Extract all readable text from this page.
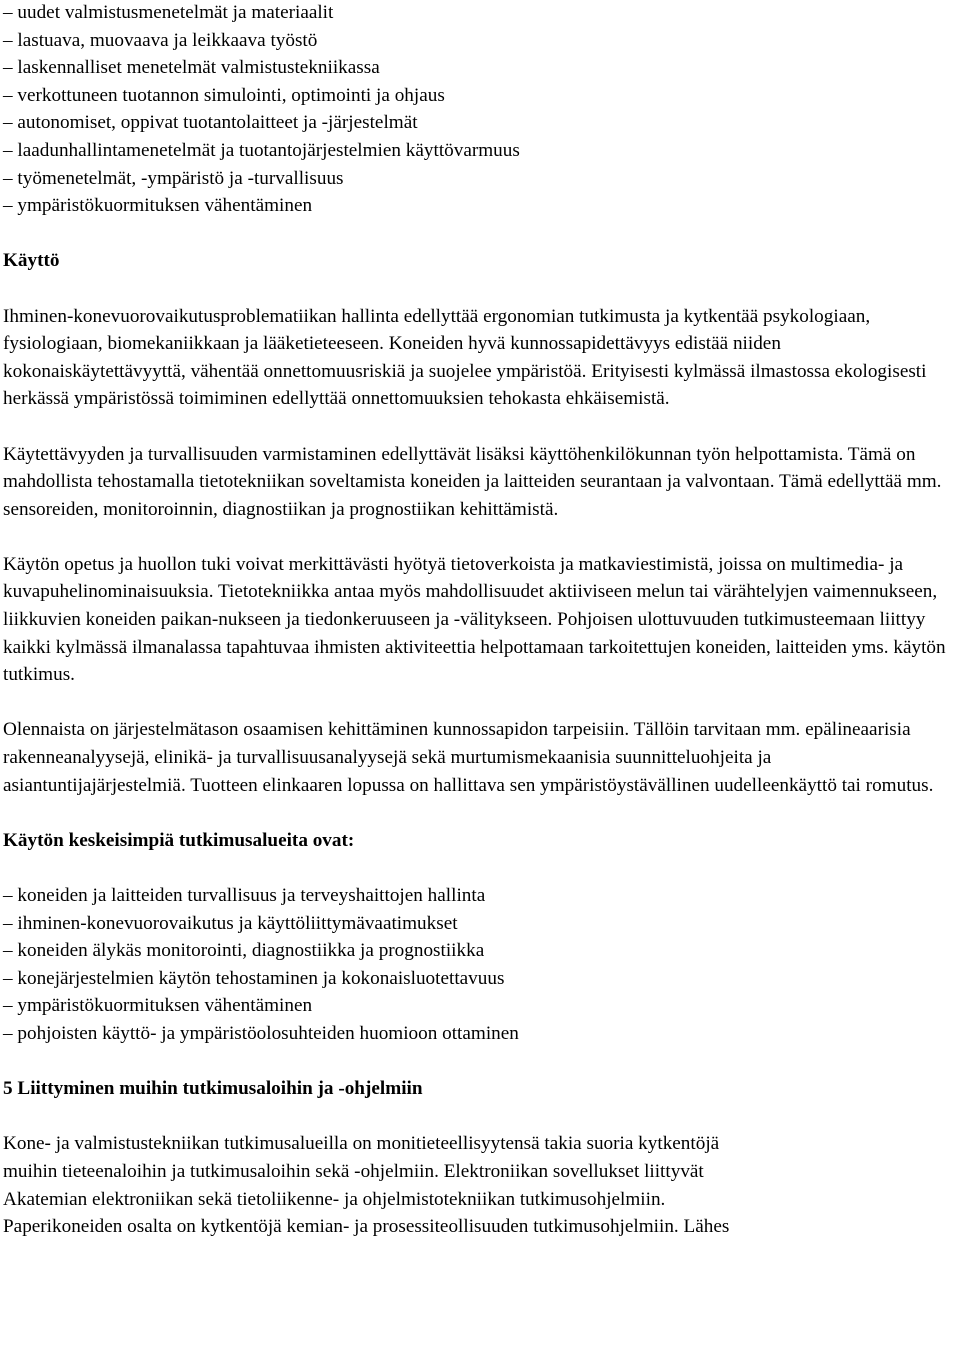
– uudet valmistusmenetelmät ja materiaalit
– lastuava, muovaava ja leikkaava työstö
– laskennalliset menetelmät valmistustekniikassa
– verkottuneen tuotannon simulointi, optimointi ja ohjaus
– autonomiset, oppivat tuotantolaitteet ja -järjestelmät
– laadunhallintamenetelmät ja tuotantojärjestelmien käyttövarmuus
– työmenetelmät, -ympäristö ja -turvallisuus
– ympäristökuormituksen vähentäminen

Käyttö

Ihminen-konevuorovaikutusproblematiikan hallinta edellyttää ergonomian tutkimusta ja kytkentää psykologiaan, fysiologiaan, biomekaniikkaan ja lääketieteeseen. Koneiden hyvä kunnossapidettävyys edistää niiden kokonaiskäytettävyyttä, vähentää onnettomuusriskiä ja suojelee ympäristöä. Erityisesti kylmässä ilmastossa ekologisesti herkässä ympäristössä toimiminen edellyttää onnettomuuksien tehokasta ehkäisemistä.

Käytettävyyden ja turvallisuuden varmistaminen edellyttävät lisäksi käyttöhenkilökunnan työn helpottamista. Tämä on mahdollista tehostamalla tietotekniikan soveltamista koneiden ja laitteiden seurantaan ja valvontaan. Tämä edellyttää mm. sensoreiden, monitoroinnin, diagnostiikan ja prognostiikan kehittämistä.

Käytön opetus ja huollon tuki voivat merkittävästi hyötyä tietoverkoista ja matkaviestimistä, joissa on multimedia- ja kuvapuhelinominaisuuksia. Tietotekniikka antaa myös mahdollisuudet aktiiviseen melun tai värähtelyjen vaimennukseen, liikkuvien koneiden paikan-nukseen ja tiedonkeruuseen ja -välitykseen. Pohjoisen ulottuvuuden tutkimusteemaan liittyy kaikki kylmässä ilmanalassa tapahtuvaa ihmisten aktiviteettia helpottamaan tarkoitettujen koneiden, laitteiden yms. käytön tutkimus.

Olennaista on järjestelmätason osaamisen kehittäminen kunnossapidon tarpeisiin. Tällöin tarvitaan mm. epälineaarisia rakenneanalyysejä, elinikä- ja turvallisuusanalyysejä sekä murtumismekaanisia suunnitteluohjeita ja asiantuntijajärjestelmiä. Tuotteen elinkaaren lopussa on hallittava sen ympäristöystävällinen uudelleenkäyttö tai romutus.

Käytön keskeisimpiä tutkimusalueita ovat:

– koneiden ja laitteiden turvallisuus ja terveyshaittojen hallinta
– ihminen-konevuorovaikutus ja käyttöliittymävaatimukset
– koneiden älykäs monitorointi, diagnostiikka ja prognostiikka
– konejärjestelmien käytön tehostaminen ja kokonaisluotettavuus
– ympäristökuormituksen vähentäminen
– pohjoisten käyttö- ja ympäristöolosuhteiden huomioon ottaminen

5 Liittyminen muihin tutkimusaloihin ja -ohjelmiin

Kone- ja valmistustekniikan tutkimusalueilla on monitieteellisyytensä takia suoria kytkentöjä
muihin tieteenaloihin ja tutkimusaloihin sekä -ohjelmiin. Elektroniikan sovellukset liittyvät
Akatemian elektroniikan sekä tietoliikenne- ja ohjelmistotekniikan tutkimusohjelmiin.
Paperikoneiden osalta on kytkentöjä kemian- ja prosessiteollisuuden tutkimusohjelmiin. Lähes
